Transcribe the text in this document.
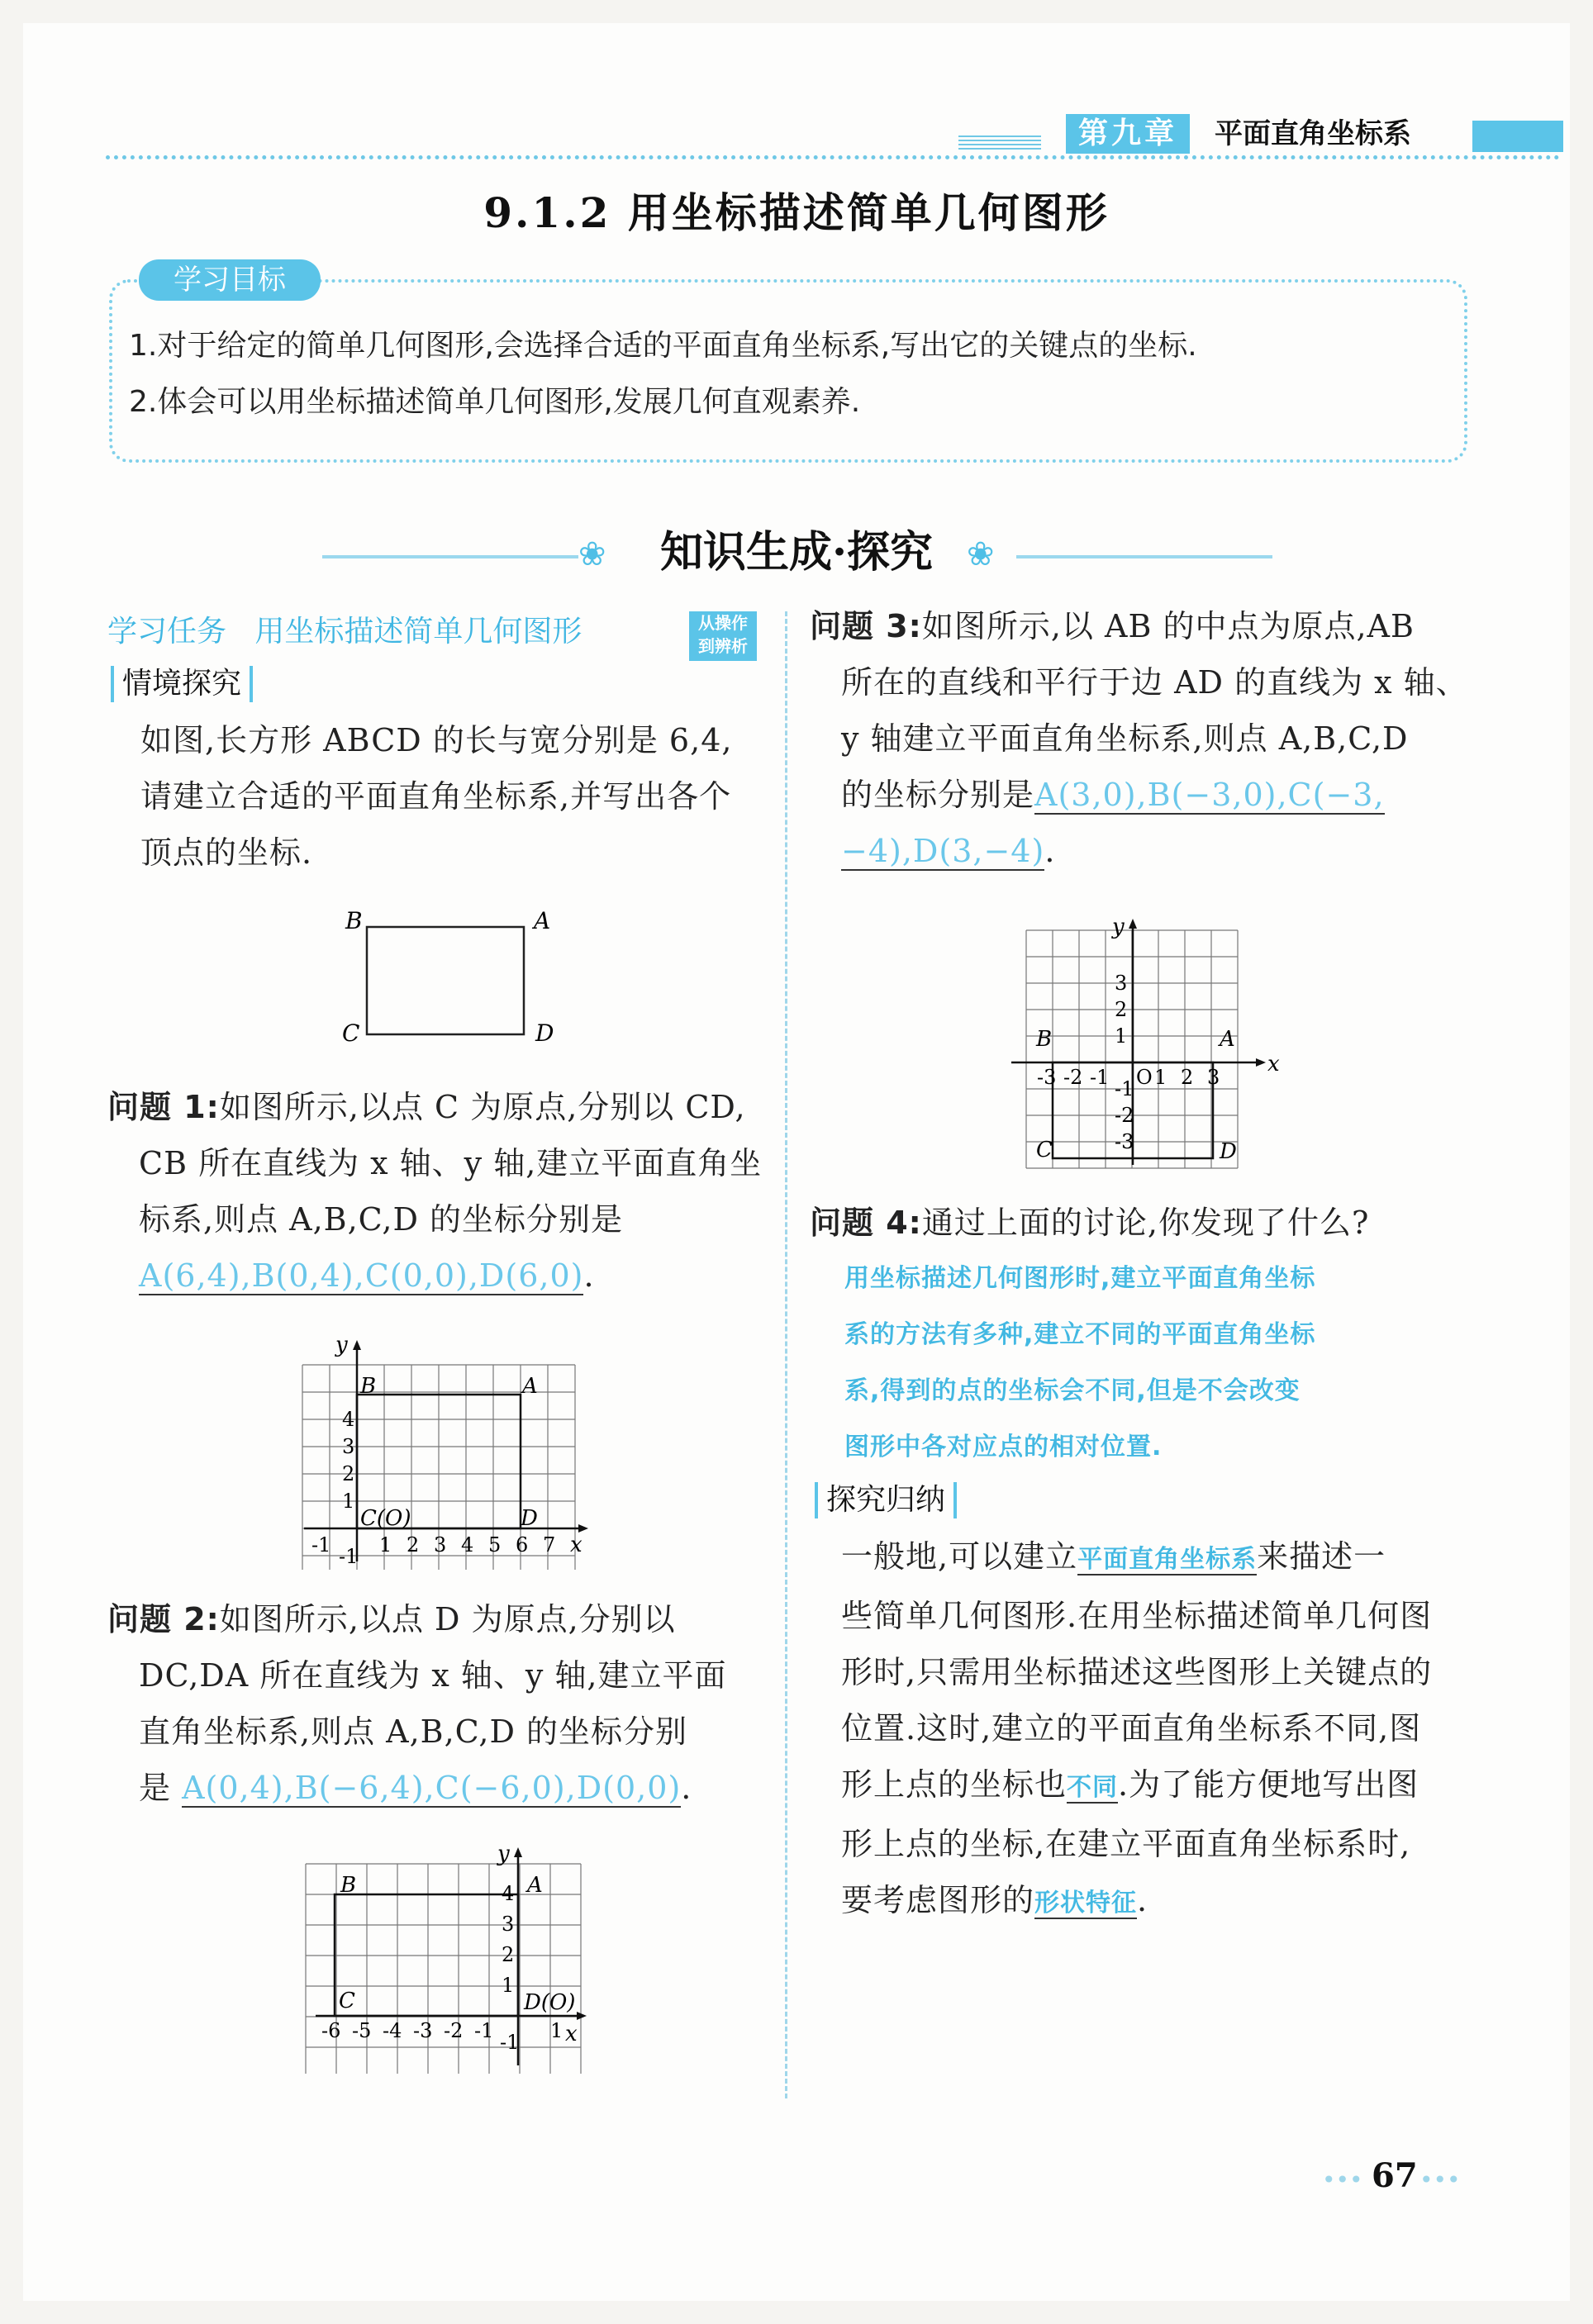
第九章	平面直角坐标系
9.1.2 用坐标描述简单几何图形
学习目标
1.对于给定的简单几何图形,会选择合适的平面直角坐标系,写出它的关键点的坐标.
2.体会可以用坐标描述简单几何图形,发展几何直观素养.
❀	❀
知识生成·探究
学习任务 用坐标描述简单几何图形	从操作
到辨析
情境探究
如图,长方形 ABCD 的长与宽分别是 6,4,
请建立合适的平面直角坐标系,并写出各个
顶点的坐标.
B	A
C	D
问题 1:如图所示,以点 C 为原点,分别以 CD,
CB 所在直线为 x 轴、y 轴,建立平面直角坐
标系,则点 A,B,C,D 的坐标分别是
A(6,4),B(0,4),C(0,0),D(6,0).
y
x
B	A
C(O)	D
-1 1 2 3 4 5 6 7
1
2
3
4
-1
问题 2:如图所示,以点 D 为原点,分别以
DC,DA 所在直线为 x 轴、y 轴,建立平面
直角坐标系,则点 A,B,C,D 的坐标分别
是 A(0,4),B(−6,4),C(−6,0),D(0,0).
y
x
B	A
C	D(O)
-6 -5 -4 -3 -2 -1	1
1
2
3
4
-1
问题 3:如图所示,以 AB 的中点为原点,AB
所在的直线和平行于边 AD 的直线为 x 轴、
y 轴建立平面直角坐标系,则点 A,B,C,D
的坐标分别是A(3,0),B(−3,0),C(−3,
−4),D(3,−4).
y
x
B	A
C	D
-3 -2 -1 O 1 2 3
3
2
1
-1
-2
-3
问题 4:通过上面的讨论,你发现了什么?
用坐标描述几何图形时,建立平面直角坐标
系的方法有多种,建立不同的平面直角坐标
系,得到的点的坐标会不同,但是不会改变
图形中各对应点的相对位置.
探究归纳
一般地,可以建立平面直角坐标系来描述一
些简单几何图形.在用坐标描述简单几何图
形时,只需用坐标描述这些图形上关键点的
位置.这时,建立的平面直角坐标系不同,图
形上点的坐标也不同.为了能方便地写出图
形上点的坐标,在建立平面直角坐标系时,
要考虑图形的形状特征.
••• 67 •••
